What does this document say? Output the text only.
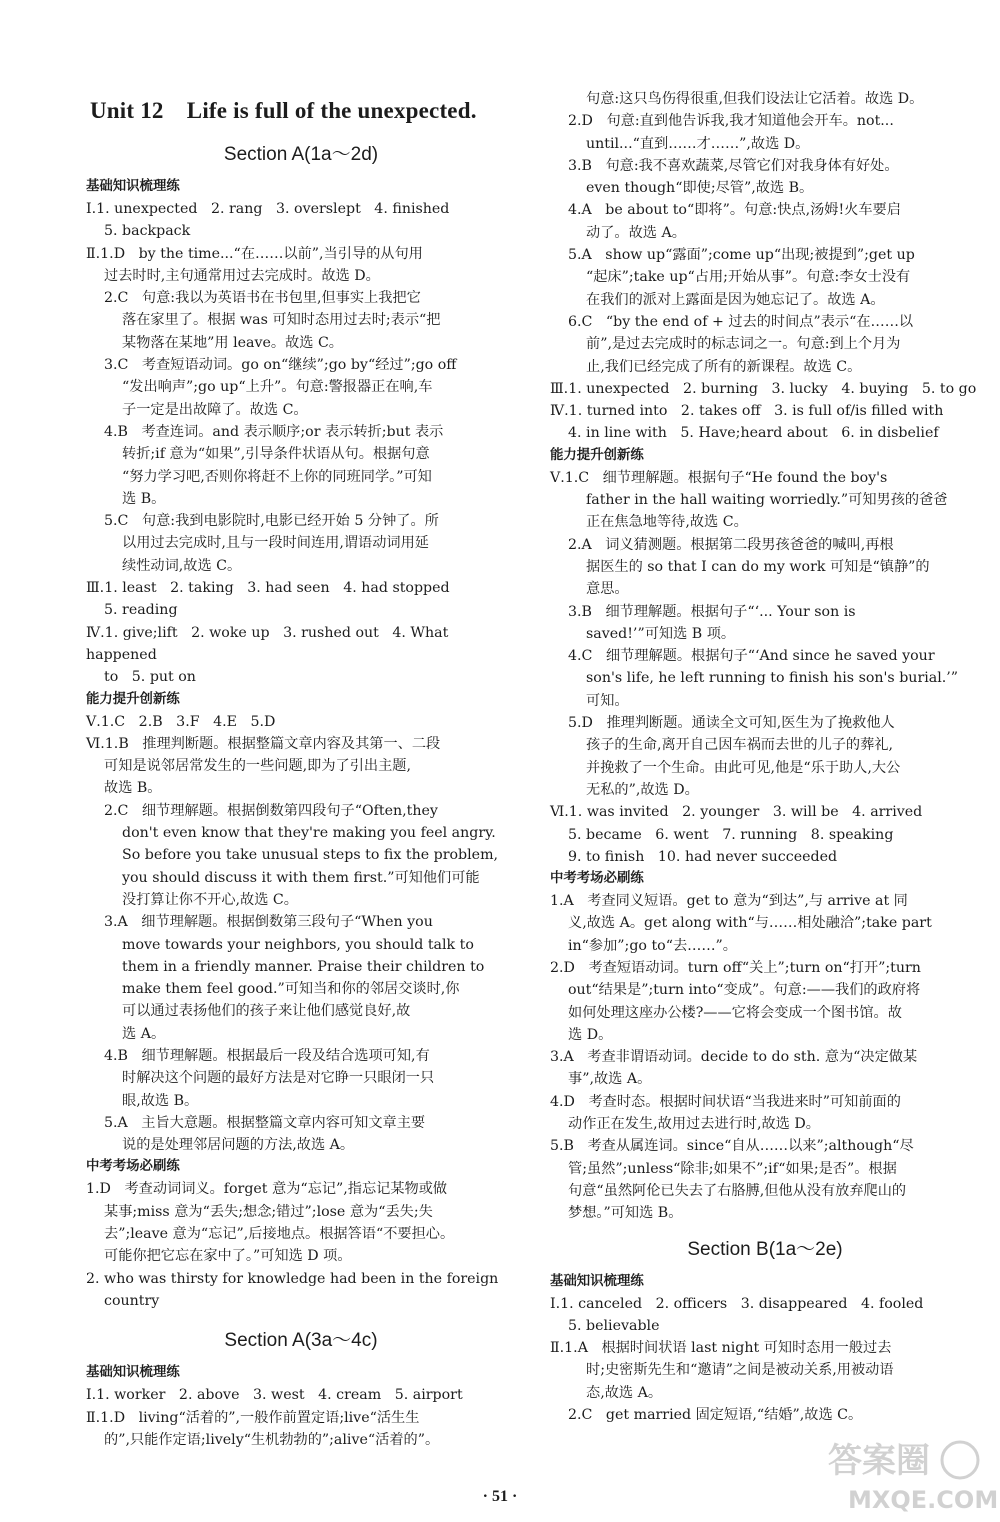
Unit 12 Life is full of the unexpected.
Section A(1a～2d)
基础知识梳理练
Ⅰ.1. unexpected   2. rang   3. overslept   4. finished
5. backpack
Ⅱ.1.D   by the time...“在……以前”,当引导的从句用
过去时时,主句通常用过去完成时。故选 D。
2.C   句意:我以为英语书在书包里,但事实上我把它
落在家里了。根据 was 可知时态用过去时;表示“把
某物落在某地”用 leave。故选 C。
3.C   考查短语动词。go on“继续”;go by“经过”;go off
“发出响声”;go up“上升”。句意:警报器正在响,车
子一定是出故障了。故选 C。
4.B   考查连词。and 表示顺序;or 表示转折;but 表示
转折;if 意为“如果”,引导条件状语从句。根据句意
“努力学习吧,否则你将赶不上你的同班同学。”可知
选 B。
5.C   句意:我到电影院时,电影已经开始 5 分钟了。所
以用过去完成时,且与一段时间连用,谓语动词用延
续性动词,故选 C。
Ⅲ.1. least   2. taking   3. had seen   4. had stopped
5. reading
Ⅳ.1. give;lift   2. woke up   3. rushed out   4. What happened
to   5. put on
能力提升创新练
Ⅴ.1.C   2.B   3.F   4.E   5.D
Ⅵ.1.B   推理判断题。根据整篇文章内容及其第一、二段
可知是说邻居常发生的一些问题,即为了引出主题,
故选 B。
2.C   细节理解题。根据倒数第四段句子“Often,they
don't even know that they're making you feel angry.
So before you take unusual steps to fix the problem,
you should discuss it with them first.”可知他们可能
没打算让你不开心,故选 C。
3.A   细节理解题。根据倒数第三段句子“When you
move towards your neighbors, you should talk to
them in a friendly manner. Praise their children to
make them feel good.”可知当和你的邻居交谈时,你
可以通过表扬他们的孩子来让他们感觉良好,故
选 A。
4.B   细节理解题。根据最后一段及结合选项可知,有
时解决这个问题的最好方法是对它睁一只眼闭一只
眼,故选 B。
5.A   主旨大意题。根据整篇文章内容可知文章主要
说的是处理邻居问题的方法,故选 A。
中考考场必刷练
1.D   考查动词词义。forget 意为“忘记”,指忘记某物或做
某事;miss 意为“丢失;想念;错过”;lose 意为“丢失;失
去”;leave 意为“忘记”,后接地点。根据答语“不要担心。
可能你把它忘在家中了。”可知选 D 项。
2. who was thirsty for knowledge had been in the foreign
country
Section A(3a～4c)
基础知识梳理练
Ⅰ.1. worker   2. above   3. west   4. cream   5. airport
Ⅱ.1.D   living“活着的”,一般作前置定语;live“活生生
的”,只能作定语;lively“生机勃勃的”;alive“活着的”。
句意:这只鸟伤得很重,但我们设法让它活着。故选 D。
2.D   句意:直到他告诉我,我才知道他会开车。not...
until...“直到……才……”,故选 D。
3.B   句意:我不喜欢蔬菜,尽管它们对我身体有好处。
even though“即使;尽管”,故选 B。
4.A   be about to“即将”。句意:快点,汤姆!火车要启
动了。故选 A。
5.A   show up“露面”;come up“出现;被提到”;get up
“起床”;take up“占用;开始从事”。句意:李女士没有
在我们的派对上露面是因为她忘记了。故选 A。
6.C   “by the end of + 过去的时间点”表示“在……以
前”,是过去完成时的标志词之一。句意:到上个月为
止,我们已经完成了所有的新课程。故选 C。
Ⅲ.1. unexpected   2. burning   3. lucky   4. buying   5. to go
Ⅳ.1. turned into   2. takes off   3. is full of/is filled with
4. in line with   5. Have;heard about   6. in disbelief
能力提升创新练
Ⅴ.1.C   细节理解题。根据句子“He found the boy's
father in the hall waiting worriedly.”可知男孩的爸爸
正在焦急地等待,故选 C。
2.A   词义猜测题。根据第二段男孩爸爸的喊叫,再根
据医生的 so that I can do my work 可知是“镇静”的
意思。
3.B   细节理解题。根据句子“‘... Your son is
saved!’”可知选 B 项。
4.C   细节理解题。根据句子“‘And since he saved your
son's life, he left running to finish his son's burial.’”
可知。
5.D   推理判断题。通读全文可知,医生为了挽救他人
孩子的生命,离开自己因车祸而去世的儿子的葬礼,
并挽救了一个生命。由此可见,他是“乐于助人,大公
无私的”,故选 D。
Ⅵ.1. was invited   2. younger   3. will be   4. arrived
5. became   6. went   7. running   8. speaking
9. to finish   10. had never succeeded
中考考场必刷练
1.A   考查同义短语。get to 意为“到达”,与 arrive at 同
义,故选 A。get along with“与……相处融洽”;take part
in“参加”;go to“去……”。
2.D   考查短语动词。turn off“关上”;turn on“打开”;turn
out“结果是”;turn into“变成”。句意:——我们的政府将
如何处理这座办公楼?——它将会变成一个图书馆。故
选 D。
3.A   考查非谓语动词。decide to do sth. 意为“决定做某
事”,故选 A。
4.D   考查时态。根据时间状语“当我进来时”可知前面的
动作正在发生,故用过去进行时,故选 D。
5.B   考查从属连词。since“自从……以来”;although“尽
管;虽然”;unless“除非;如果不”;if“如果;是否”。根据
句意“虽然阿伦已失去了右胳膊,但他从没有放弃爬山的
梦想。”可知选 B。
Section B(1a～2e)
基础知识梳理练
Ⅰ.1. canceled   2. officers   3. disappeared   4. fooled
5. believable
Ⅱ.1.A   根据时间状语 last night 可知时态用一般过去
时;史密斯先生和“邀请”之间是被动关系,用被动语
态,故选 A。
2.C   get married 固定短语,“结婚”,故选 C。
· 51 ·
答案圈
MXQE.COM
